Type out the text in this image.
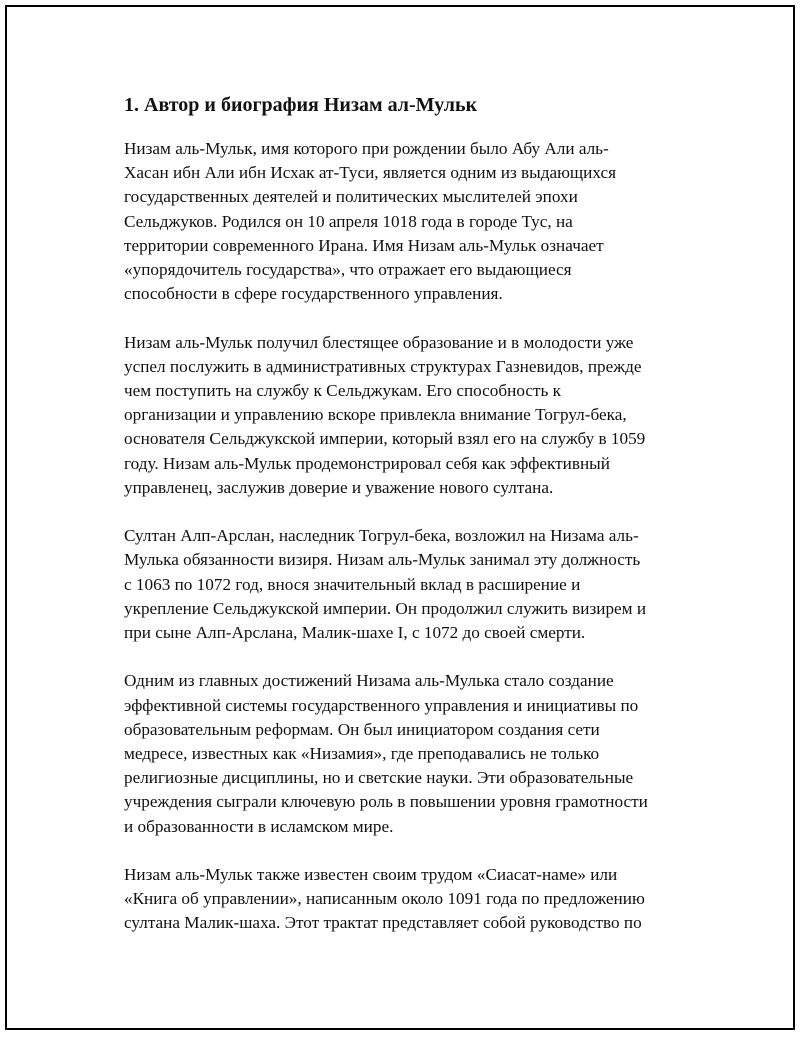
1. Автор и биография Низам ал-Мульк

Низам аль-Мульк, имя которого при рождении было Абу Али аль-
Хасан ибн Али ибн Исхак ат-Туси, является одним из выдающихся
государственных деятелей и политических мыслителей эпохи
Сельджуков. Родился он 10 апреля 1018 года в городе Тус, на
территории современного Ирана. Имя Низам аль-Мульк означает
«упорядочитель государства», что отражает его выдающиеся
способности в сфере государственного управления.

Низам аль-Мульк получил блестящее образование и в молодости уже
успел послужить в административных структурах Газневидов, прежде
чем поступить на службу к Сельджукам. Его способность к
организации и управлению вскоре привлекла внимание Тогрул-бека,
основателя Сельджукской империи, который взял его на службу в 1059
году. Низам аль-Мульк продемонстрировал себя как эффективный
управленец, заслужив доверие и уважение нового султана.

Султан Алп-Арслан, наследник Тогрул-бека, возложил на Низама аль-
Мулька обязанности визиря. Низам аль-Мульк занимал эту должность
с 1063 по 1072 год, внося значительный вклад в расширение и
укрепление Сельджукской империи. Он продолжил служить визирем и
при сыне Алп-Арслана, Малик-шахе I, с 1072 до своей смерти.

Одним из главных достижений Низама аль-Мулька стало создание
эффективной системы государственного управления и инициативы по
образовательным реформам. Он был инициатором создания сети
медресе, известных как «Низамия», где преподавались не только
религиозные дисциплины, но и светские науки. Эти образовательные
учреждения сыграли ключевую роль в повышении уровня грамотности
и образованности в исламском мире.

Низам аль-Мульк также известен своим трудом «Сиасат-наме» или
«Книга об управлении», написанным около 1091 года по предложению
султана Малик-шаха. Этот трактат представляет собой руководство по
